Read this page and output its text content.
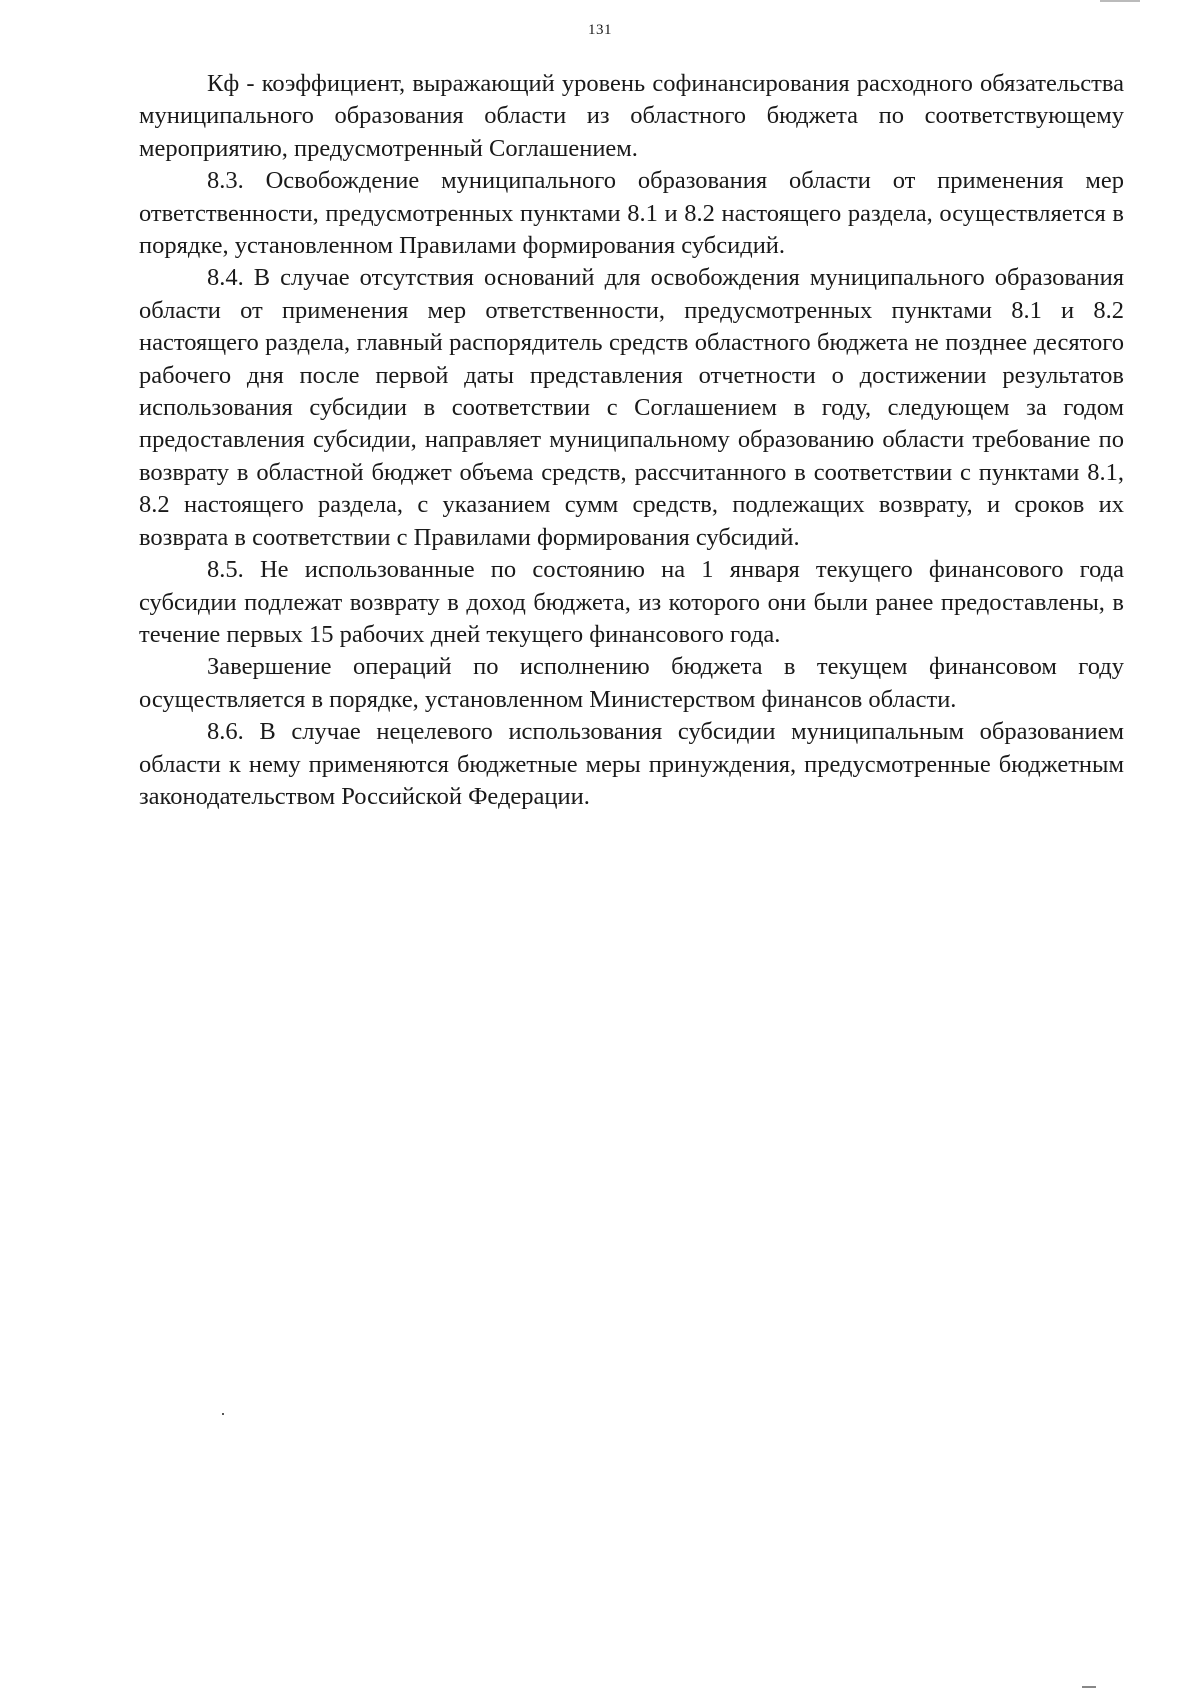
131

Кф - коэффициент, выражающий уровень софинансирования расходного обязательства муниципального образования области из областного бюджета по соответствующему мероприятию, предусмотренный Соглашением.

8.3. Освобождение муниципального образования области от применения мер ответственности, предусмотренных пунктами 8.1 и 8.2 настоящего раздела, осуществляется в порядке, установленном Правилами формирования субсидий.

8.4. В случае отсутствия оснований для освобождения муниципального образования области от применения мер ответственности, предусмотренных пунктами 8.1 и 8.2 настоящего раздела, главный распорядитель средств областного бюджета не позднее десятого рабочего дня после первой даты представления отчетности о достижении результатов использования субсидии в соответствии с Соглашением в году, следующем за годом предоставления субсидии, направляет муниципальному образованию области требование по возврату в областной бюджет объема средств, рассчитанного в соответствии с пунктами 8.1, 8.2 настоящего раздела, с указанием сумм средств, подлежащих возврату, и сроков их возврата в соответствии с Правилами формирования субсидий.

8.5. Не использованные по состоянию на 1 января текущего финансового года субсидии подлежат возврату в доход бюджета, из которого они были ранее предоставлены, в течение первых 15 рабочих дней текущего финансового года.

Завершение операций по исполнению бюджета в текущем финансовом году осуществляется в порядке, установленном Министерством финансов области.

8.6. В случае нецелевого использования субсидии муниципальным образованием области к нему применяются бюджетные меры принуждения, предусмотренные бюджетным законодательством Российской Федерации.
